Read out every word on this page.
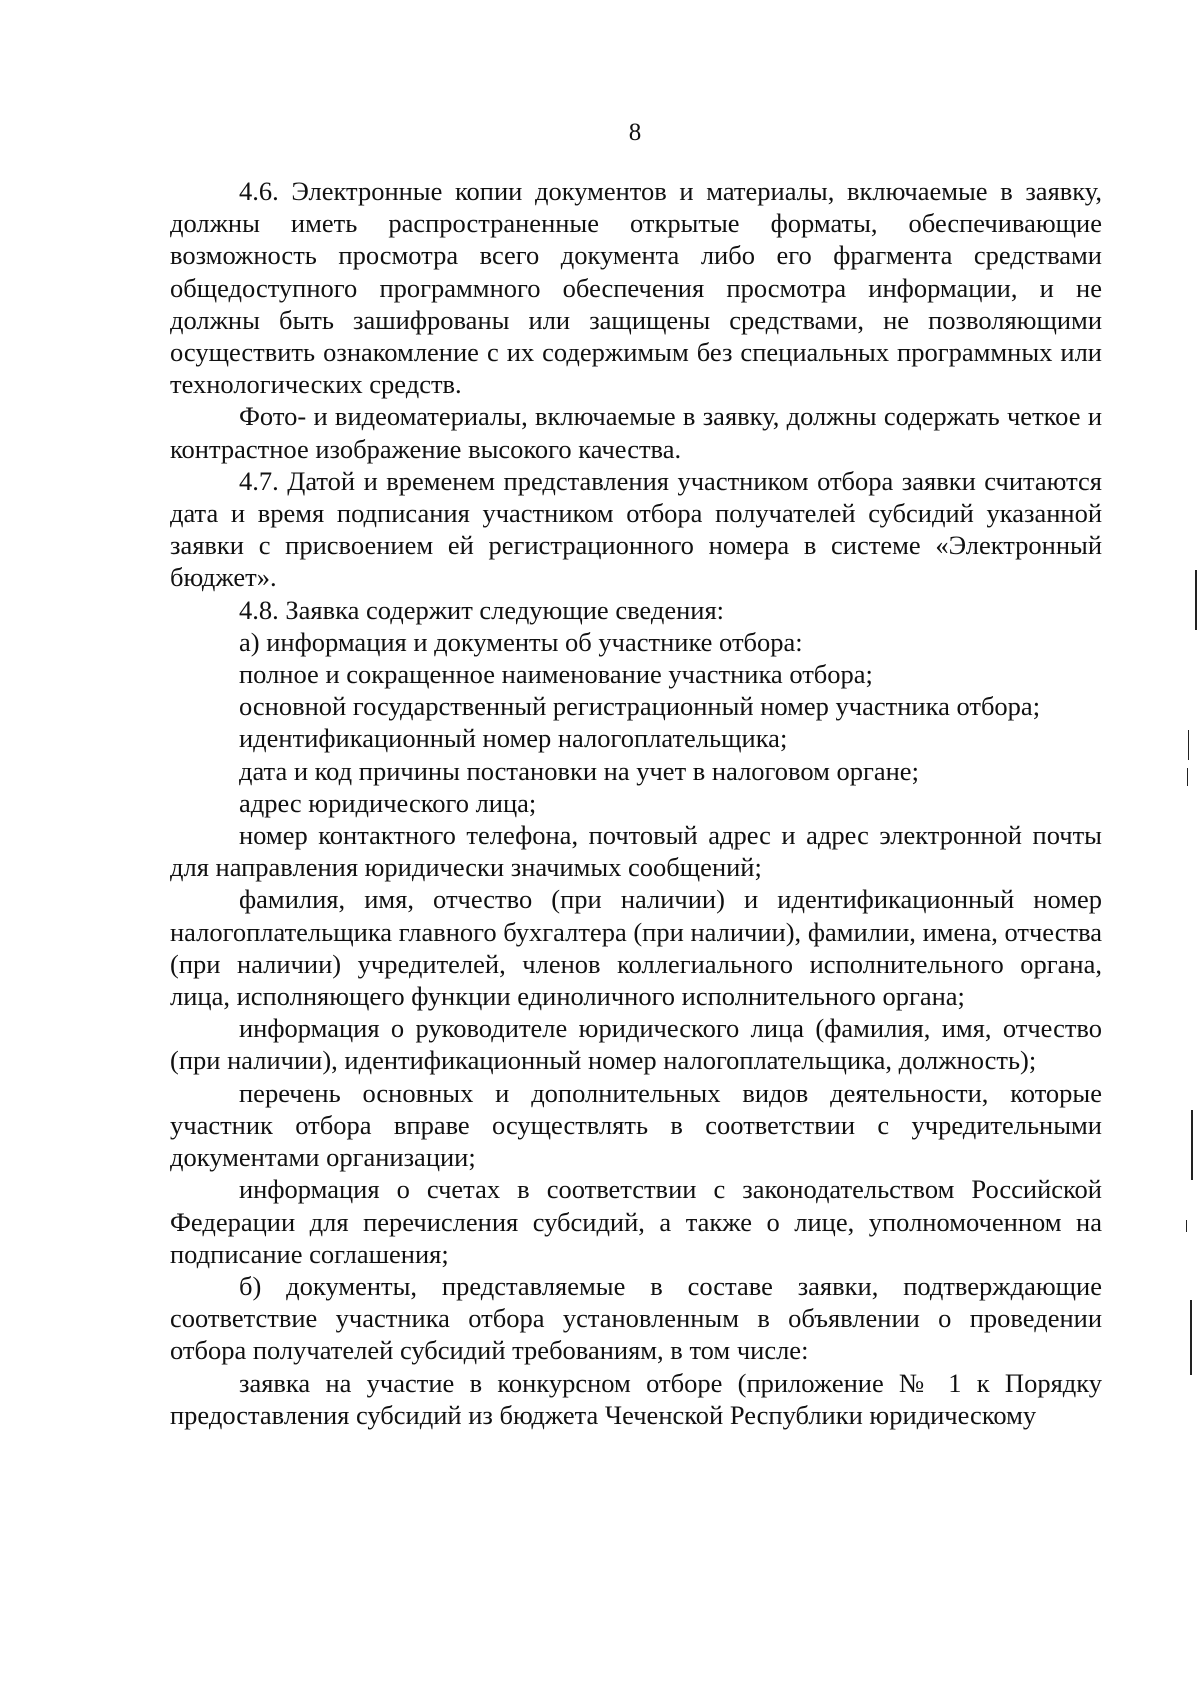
8

4.6. Электронные копии документов и материалы, включаемые в заявку, должны иметь распространенные открытые форматы, обеспечивающие возможность просмотра всего документа либо его фрагмента средствами общедоступного программного обеспечения просмотра информации, и не должны быть зашифрованы или защищены средствами, не позволяющими осуществить ознакомление с их содержимым без специальных программных или технологических средств.

Фото- и видеоматериалы, включаемые в заявку, должны содержать четкое и контрастное изображение высокого качества.

4.7. Датой и временем представления участником отбора заявки считаются дата и время подписания участником отбора получателей субсидий указанной заявки с присвоением ей регистрационного номера в системе «Электронный бюджет».

4.8. Заявка содержит следующие сведения:

а) информация и документы об участнике отбора:

полное и сокращенное наименование участника отбора;

основной государственный регистрационный номер участника отбора;

идентификационный номер налогоплательщика;

дата и код причины постановки на учет в налоговом органе;

адрес юридического лица;

номер контактного телефона, почтовый адрес и адрес электронной почты для направления юридически значимых сообщений;

фамилия, имя, отчество (при наличии) и идентификационный номер налогоплательщика главного бухгалтера (при наличии), фамилии, имена, отчества (при наличии) учредителей, членов коллегиального исполнительного органа, лица, исполняющего функции единоличного исполнительного органа;

информация о руководителе юридического лица (фамилия, имя, отчество (при наличии), идентификационный номер налогоплательщика, должность);

перечень основных и дополнительных видов деятельности, которые участник отбора вправе осуществлять в соответствии с учредительными документами организации;

информация о счетах в соответствии с законодательством Российской Федерации для перечисления субсидий, а также о лице, уполномоченном на подписание соглашения;

б) документы, представляемые в составе заявки, подтверждающие соответствие участника отбора установленным в объявлении о проведении отбора получателей субсидий требованиям, в том числе:

заявка на участие в конкурсном отборе (приложение № 1 к Порядку предоставления субсидий из бюджета Чеченской Республики юридическому
